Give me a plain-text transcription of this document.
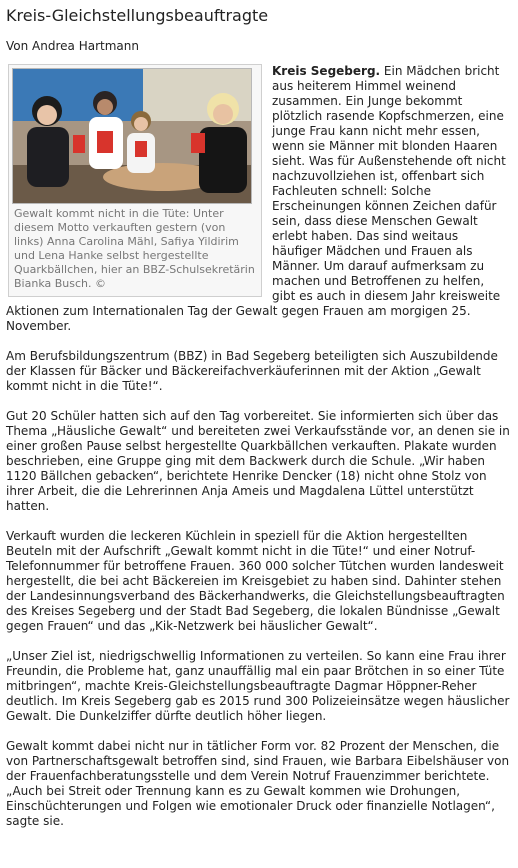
Kreis-Gleichstellungsbeauftragte
Von Andrea Hartmann
Gewalt kommt nicht in die Tüte: Unter diesem Motto verkauften gestern (von links) Anna Carolina Mähl, Safiya Yildirim und Lena Hanke selbst hergestellte Quarkbällchen, hier an BBZ-Schulsekretärin Bianka Busch. ©

Kreis Segeberg. Ein Mädchen bricht aus heiterem Himmel weinend zusammen. Ein Junge bekommt plötzlich rasende Kopfschmerzen, eine junge Frau kann nicht mehr essen, wenn sie Männer mit blonden Haaren sieht. Was für Außenstehende oft nicht nachzuvollziehen ist, offenbart sich Fachleuten schnell: Solche Erscheinungen können Zeichen dafür sein, dass diese Menschen Gewalt erlebt haben. Das sind weitaus häufiger Mädchen und Frauen als Männer. Um darauf aufmerksam zu machen und Betroffenen zu helfen, gibt es auch in diesem Jahr kreisweite Aktionen zum Internationalen Tag der Gewalt gegen Frauen am morgigen 25. November.

Am Berufsbildungszentrum (BBZ) in Bad Segeberg beteiligten sich Auszubildende der Klassen für Bäcker und Bäckereifachverkäuferinnen mit der Aktion „Gewalt kommt nicht in die Tüte!“.

Gut 20 Schüler hatten sich auf den Tag vorbereitet. Sie informierten sich über das Thema „Häusliche Gewalt“ und bereiteten zwei Verkaufsstände vor, an denen sie in einer großen Pause selbst hergestellte Quarkbällchen verkauften. Plakate wurden beschrieben, eine Gruppe ging mit dem Backwerk durch die Schule. „Wir haben 1120 Bällchen gebacken“, berichtete Henrike Dencker (18) nicht ohne Stolz von ihrer Arbeit, die die Lehrerinnen Anja Ameis und Magdalena Lüttel unterstützt hatten.

Verkauft wurden die leckeren Küchlein in speziell für die Aktion hergestellten Beuteln mit der Aufschrift „Gewalt kommt nicht in die Tüte!“ und einer Notruf-Telefonnummer für betroffene Frauen. 360 000 solcher Tütchen wurden landesweit hergestellt, die bei acht Bäckereien im Kreisgebiet zu haben sind. Dahinter stehen der Landesinnungsverband des Bäckerhandwerks, die Gleichstellungsbeauftragten des Kreises Segeberg und der Stadt Bad Segeberg, die lokalen Bündnisse „Gewalt gegen Frauen“ und das „Kik-Netzwerk bei häuslicher Gewalt“.

„Unser Ziel ist, niedrigschwellig Informationen zu verteilen. So kann eine Frau ihrer Freundin, die Probleme hat, ganz unauffällig mal ein paar Brötchen in so einer Tüte mitbringen“, machte Kreis-Gleichstellungsbeauftragte Dagmar Höppner-Reher deutlich. Im Kreis Segeberg gab es 2015 rund 300 Polizeieinsätze wegen häuslicher Gewalt. Die Dunkelziffer dürfte deutlich höher liegen.

Gewalt kommt dabei nicht nur in tätlicher Form vor. 82 Prozent der Menschen, die von Partnerschaftsgewalt betroffen sind, sind Frauen, wie Barbara Eibelshäuser von der Frauenfachberatungsstelle und dem Verein Notruf Frauenzimmer berichtete. „Auch bei Streit oder Trennung kann es zu Gewalt kommen wie Drohungen, Einschüchterungen und Folgen wie emotionaler Druck oder finanzielle Notlagen“, sagte sie.
